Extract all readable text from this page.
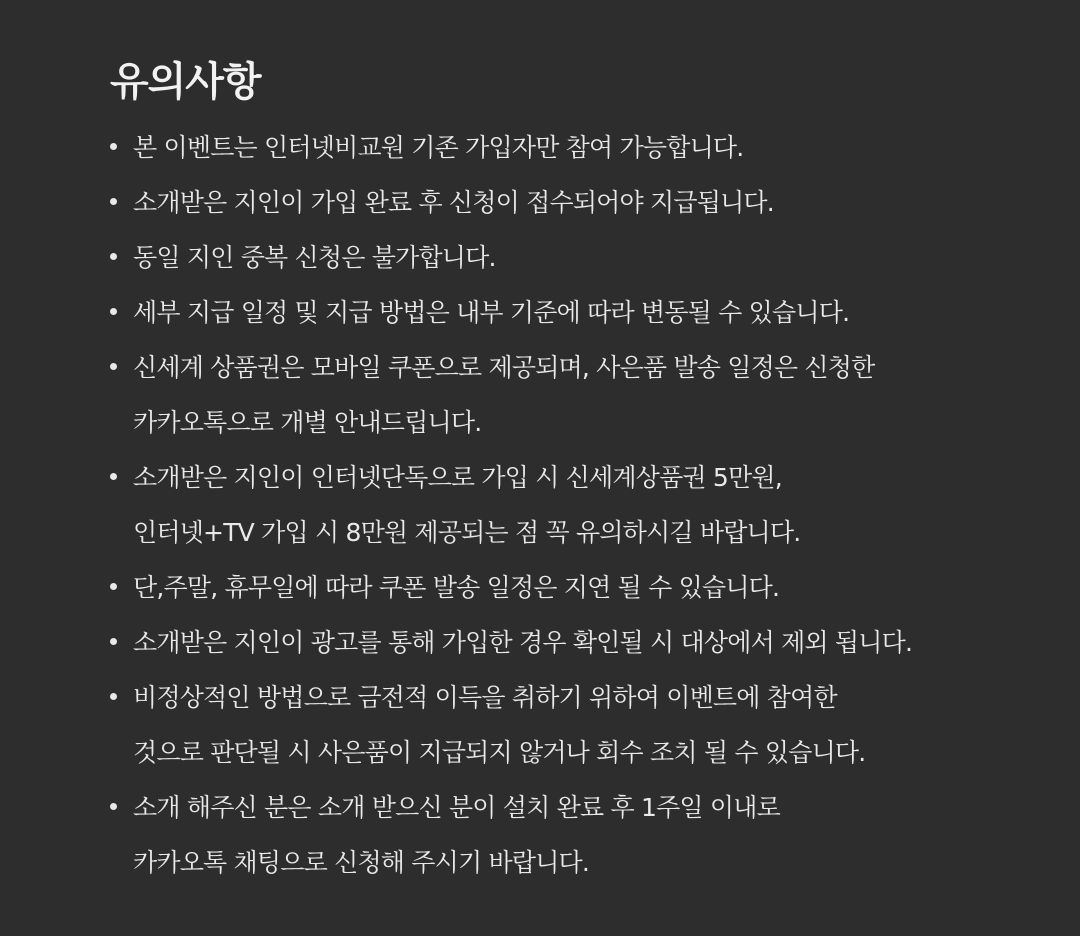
유의사항
본 이벤트는 인터넷비교원 기존 가입자만 참여 가능합니다.
소개받은 지인이 가입 완료 후 신청이 접수되어야 지급됩니다.
동일 지인 중복 신청은 불가합니다.
세부 지급 일정 및 지급 방법은 내부 기준에 따라 변동될 수 있습니다.
신세계 상품권은 모바일 쿠폰으로 제공되며, 사은품 발송 일정은 신청한
카카오톡으로 개별 안내드립니다.
소개받은 지인이 인터넷단독으로 가입 시 신세계상품권 5만원,
인터넷+TV 가입 시 8만원 제공되는 점 꼭 유의하시길 바랍니다.
단,주말, 휴무일에 따라 쿠폰 발송 일정은 지연 될 수 있습니다.
소개받은 지인이 광고를 통해 가입한 경우 확인될 시 대상에서 제외 됩니다.
비정상적인 방법으로 금전적 이득을 취하기 위하여 이벤트에 참여한
것으로 판단될 시 사은품이 지급되지 않거나 회수 조치 될 수 있습니다.
소개 해주신 분은 소개 받으신 분이 설치 완료 후 1주일 이내로
카카오톡 채팅으로 신청해 주시기 바랍니다.
